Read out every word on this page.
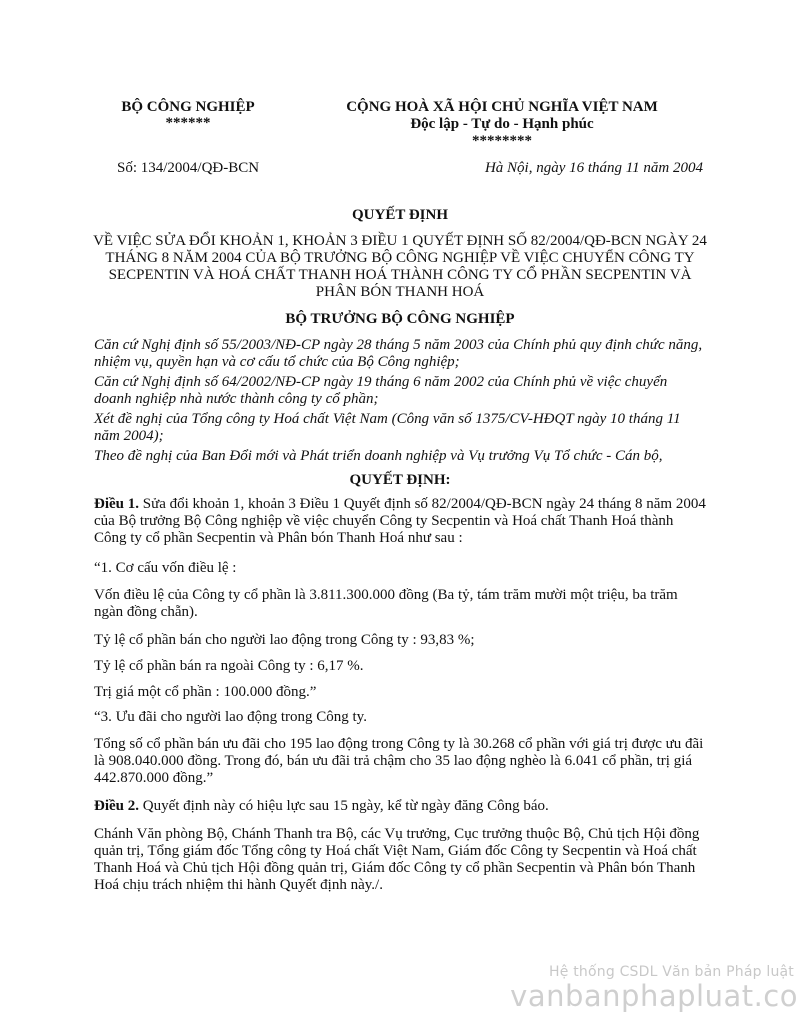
BỘ CÔNG NGHIỆP
******
CỘNG HOÀ XÃ HỘI CHỦ NGHĨA VIỆT NAM
Độc lập - Tự do - Hạnh phúc
********
Số: 134/2004/QĐ-BCN	Hà Nội, ngày 16 tháng 11 năm 2004
QUYẾT ĐỊNH
VỀ VIỆC SỬA ĐỔI KHOẢN 1, KHOẢN 3 ĐIỀU 1 QUYẾT ĐỊNH SỐ 82/2004/QĐ-BCN NGÀY 24 THÁNG 8 NĂM 2004 CỦA BỘ TRƯỞNG BỘ CÔNG NGHIỆP VỀ VIỆC CHUYỂN CÔNG TY SECPENTIN VÀ HOÁ CHẤT THANH HOÁ THÀNH CÔNG TY CỔ PHẦN SECPENTIN VÀ PHÂN BÓN THANH HOÁ
BỘ TRƯỞNG BỘ CÔNG NGHIỆP
Căn cứ Nghị định số 55/2003/NĐ-CP ngày 28 tháng 5 năm 2003 của Chính phủ quy định chức năng, nhiệm vụ, quyền hạn và cơ cấu tổ chức của Bộ Công nghiệp;
Căn cứ Nghị định số 64/2002/NĐ-CP ngày 19 tháng 6 năm 2002 của Chính phủ về việc chuyển doanh nghiệp nhà nước thành công ty cổ phần;
Xét đề nghị của Tổng công ty Hoá chất Việt Nam (Công văn số 1375/CV-HĐQT ngày 10 tháng 11 năm 2004);
Theo đề nghị của Ban Đổi mới và Phát triển doanh nghiệp và Vụ trưởng Vụ Tổ chức - Cán bộ,
QUYẾT ĐỊNH:
Điều 1. Sửa đổi khoản 1, khoản 3 Điều 1 Quyết định số 82/2004/QĐ-BCN ngày 24 tháng 8 năm 2004 của Bộ trưởng Bộ Công nghiệp về việc chuyển Công ty Secpentin và Hoá chất Thanh Hoá thành Công ty cổ phần Secpentin và Phân bón Thanh Hoá như sau :
“1. Cơ cấu vốn điều lệ :
Vốn điều lệ của Công ty cổ phần là 3.811.300.000 đồng (Ba tỷ, tám trăm mười một triệu, ba trăm ngàn đồng chẵn).
Tỷ lệ cổ phần bán cho người lao động trong Công ty : 93,83 %;
Tỷ lệ cổ phần bán ra ngoài Công ty : 6,17 %.
Trị giá một cổ phần : 100.000 đồng.”
“3. Ưu đãi cho người lao động trong Công ty.
Tổng số cổ phần bán ưu đãi cho 195 lao động trong Công ty là 30.268 cổ phần với giá trị được ưu đãi là 908.040.000 đồng. Trong đó, bán ưu đãi trả chậm cho 35 lao động nghèo là 6.041 cổ phần, trị giá 442.870.000 đồng.”
Điều 2. Quyết định này có hiệu lực sau 15 ngày, kể từ ngày đăng Công báo.
Chánh Văn phòng Bộ, Chánh Thanh tra Bộ, các Vụ trưởng, Cục trưởng thuộc Bộ, Chủ tịch Hội đồng quản trị, Tổng giám đốc Tổng công ty Hoá chất Việt Nam, Giám đốc Công ty Secpentin và Hoá chất Thanh Hoá và Chủ tịch Hội đồng quản trị, Giám đốc Công ty cổ phần Secpentin và Phân bón Thanh Hoá chịu trách nhiệm thi hành Quyết định này./.
Hệ thống CSDL Văn bản Pháp luật
vanbanphapluat.co
